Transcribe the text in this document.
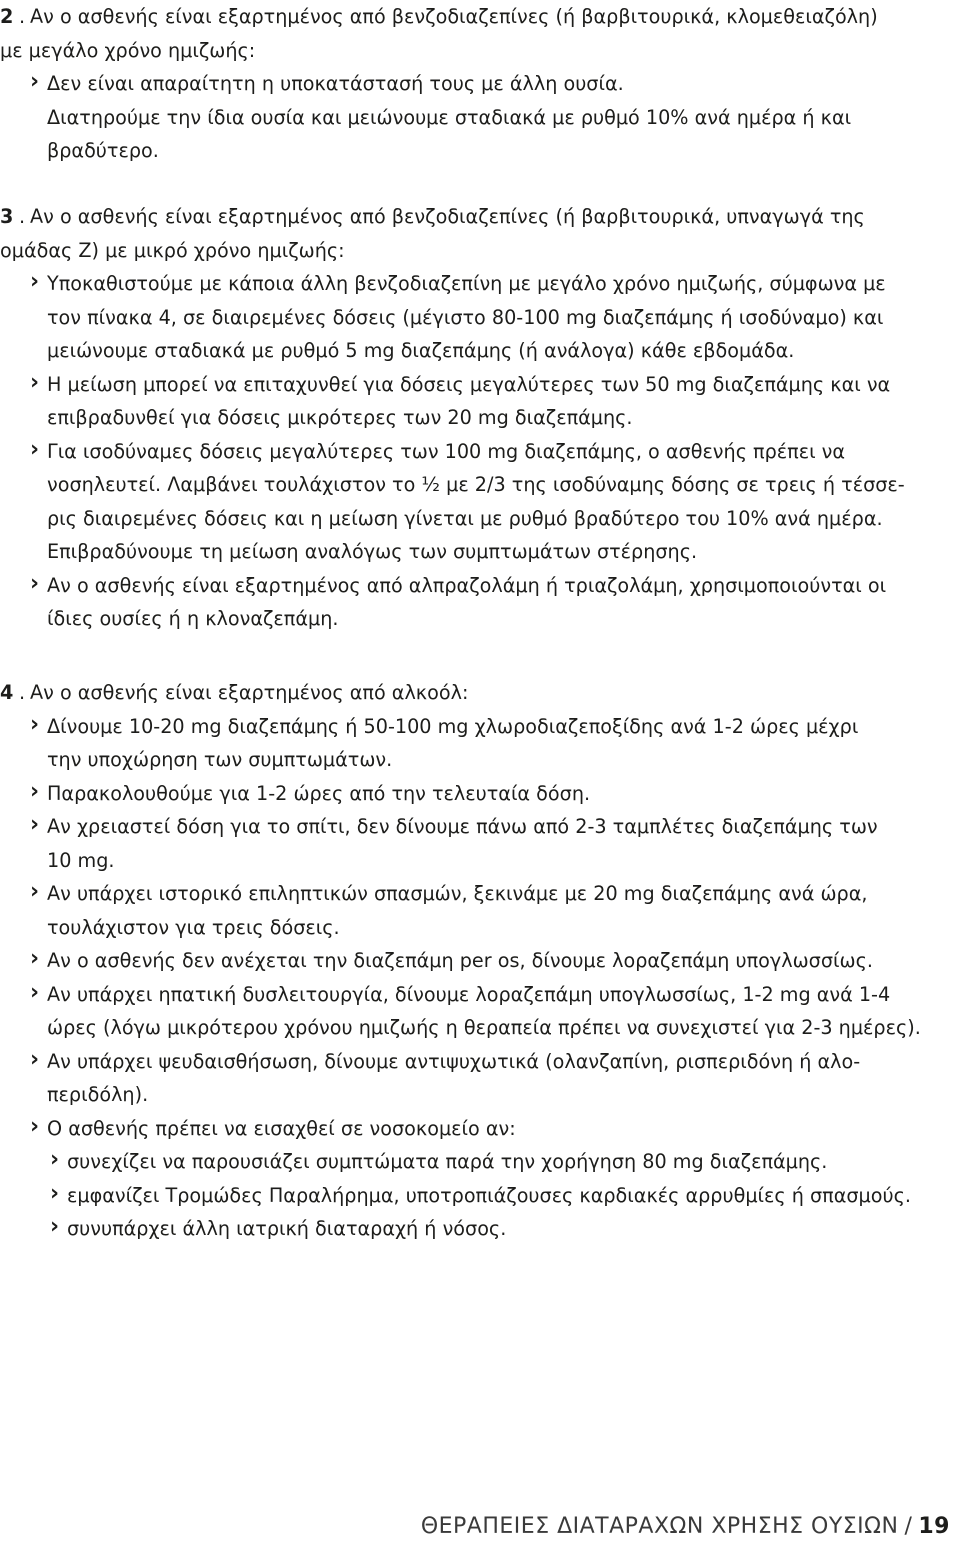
2 . Αν ο ασθενής είναι εξαρτημένος από βενζοδιαζεπίνες (ή βαρβιτουρικά, κλομεθειαζόλη)
με μεγάλο χρόνο ημιζωής:
› Δεν είναι απαραίτητη η υποκατάστασή τους με άλλη ουσία.
Διατηρούμε την ίδια ουσία και μειώνουμε σταδιακά με ρυθμό 10% ανά ημέρα ή και
βραδύτερο.
3 . Αν ο ασθενής είναι εξαρτημένος από βενζοδιαζεπίνες (ή βαρβιτουρικά, υπναγωγά της
ομάδας Ζ) με μικρό χρόνο ημιζωής:
› Υποκαθιστούμε με κάποια άλλη βενζοδιαζεπίνη με μεγάλο χρόνο ημιζωής, σύμφωνα με
τον πίνακα 4, σε διαιρεμένες δόσεις (μέγιστο 80-100 mg διαζεπάμης ή ισοδύναμο) και
μειώνουμε σταδιακά με ρυθμό 5 mg διαζεπάμης (ή ανάλογα) κάθε εβδομάδα.
› Η μείωση μπορεί να επιταχυνθεί για δόσεις μεγαλύτερες των 50 mg διαζεπάμης και να
επιβραδυνθεί για δόσεις μικρότερες των 20 mg διαζεπάμης.
› Για ισοδύναμες δόσεις μεγαλύτερες των 100 mg διαζεπάμης, ο ασθενής πρέπει να
νοσηλευτεί. Λαμβάνει τουλάχιστον το ½ με 2/3 της ισοδύναμης δόσης σε τρεις ή τέσσε-
ρις διαιρεμένες δόσεις και η μείωση γίνεται με ρυθμό βραδύτερο του 10% ανά ημέρα.
Επιβραδύνουμε τη μείωση αναλόγως των συμπτωμάτων στέρησης.
› Αν ο ασθενής είναι εξαρτημένος από αλπραζολάμη ή τριαζολάμη, χρησιμοποιούνται οι
ίδιες ουσίες ή η κλοναζεπάμη.
4 . Αν ο ασθενής είναι εξαρτημένος από αλκοόλ:
› Δίνουμε 10-20 mg διαζεπάμης ή 50-100 mg χλωροδιαζεποξίδης ανά 1-2 ώρες μέχρι
την υποχώρηση των συμπτωμάτων.
› Παρακολουθούμε για 1-2 ώρες από την τελευταία δόση.
› Αν χρειαστεί δόση για το σπίτι, δεν δίνουμε πάνω από 2-3 ταμπλέτες διαζεπάμης των
10 mg.
› Αν υπάρχει ιστορικό επιληπτικών σπασμών, ξεκινάμε με 20 mg διαζεπάμης ανά ώρα,
τουλάχιστον για τρεις δόσεις.
› Αν ο ασθενής δεν ανέχεται την διαζεπάμη per os, δίνουμε λοραζεπάμη υπογλωσσίως.
› Αν υπάρχει ηπατική δυσλειτουργία, δίνουμε λοραζεπάμη υπογλωσσίως, 1-2 mg ανά 1-4
ώρες (λόγω μικρότερου χρόνου ημιζωής η θεραπεία πρέπει να συνεχιστεί για 2-3 ημέρες).
› Αν υπάρχει ψευδαισθήσωση, δίνουμε αντιψυχωτικά (ολανζαπίνη, ρισπεριδόνη ή αλο-
περιδόλη).
› Ο ασθενής πρέπει να εισαχθεί σε νοσοκομείο αν:
› συνεχίζει να παρουσιάζει συμπτώματα παρά την χορήγηση 80 mg διαζεπάμης.
› εμφανίζει Τρομώδες Παραλήρημα, υποτροπιάζουσες καρδιακές αρρυθμίες ή σπασμούς.
› συνυπάρχει άλλη ιατρική διαταραχή ή νόσος.
ΘΕΡΑΠΕΙΕΣ ΔΙΑΤΑΡΑΧΩΝ ΧΡΗΣΗΣ ΟΥΣΙΩΝ / 19
